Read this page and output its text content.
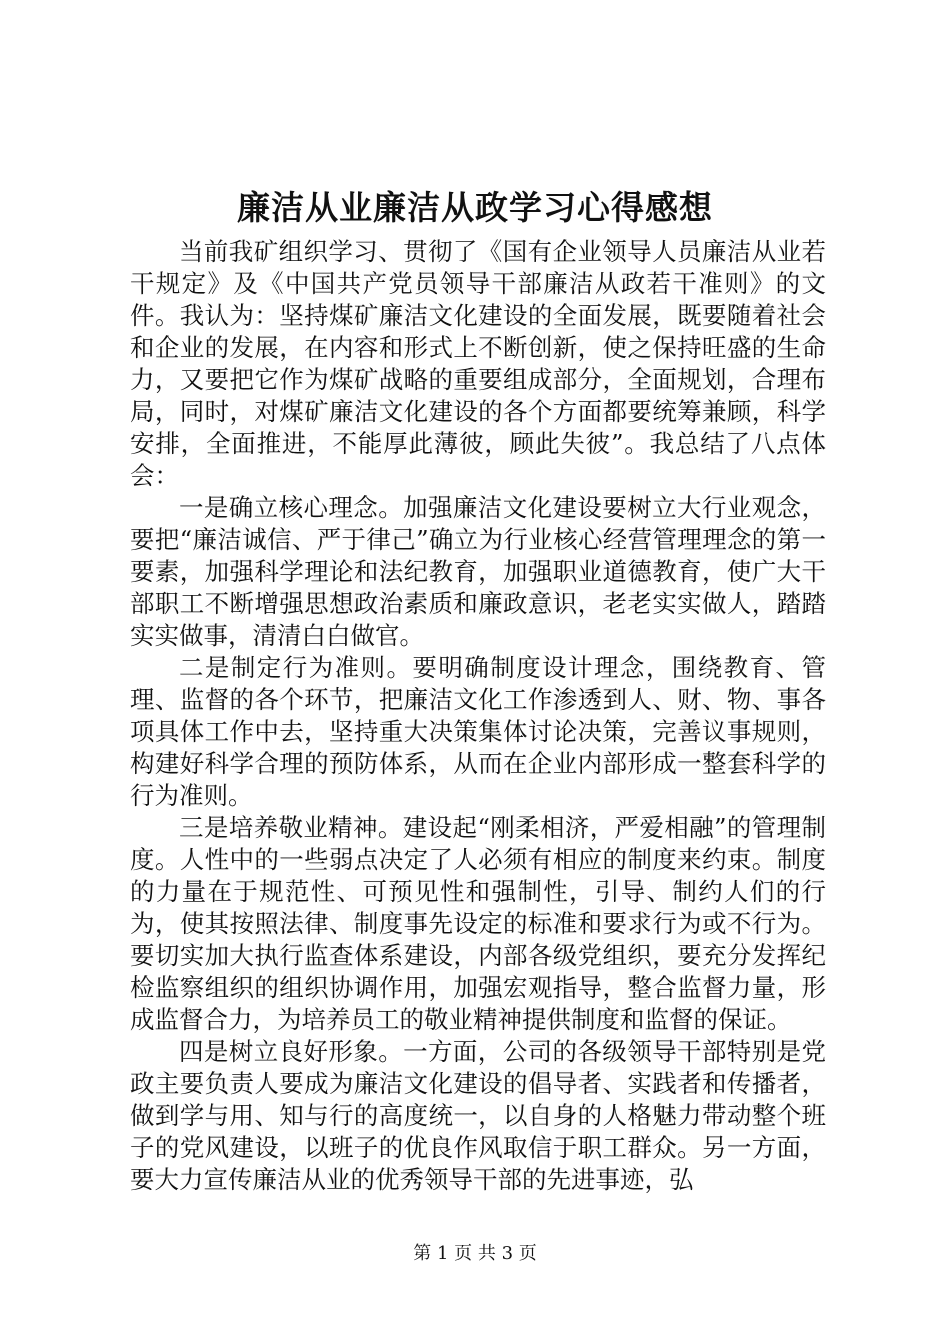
廉洁从业廉洁从政学习心得感想

当前我矿组织学习、贯彻了《国有企业领导人员廉洁从业若干规定》及《中国共产党员领导干部廉洁从政若干准则》的文件。我认为：坚持煤矿廉洁文化建设的全面发展，既要随着社会和企业的发展，在内容和形式上不断创新，使之保持旺盛的生命力，又要把它作为煤矿战略的重要组成部分，全面规划，合理布局，同时，对煤矿廉洁文化建设的各个方面都要统筹兼顾，科学安排，全面推进，不能厚此薄彼，顾此失彼”。我总结了八点体会：

一是确立核心理念。加强廉洁文化建设要树立大行业观念，要把“廉洁诚信、严于律己”确立为行业核心经营管理理念的第一要素，加强科学理论和法纪教育，加强职业道德教育，使广大干部职工不断增强思想政治素质和廉政意识，老老实实做人，踏踏实实做事，清清白白做官。

二是制定行为准则。要明确制度设计理念，围绕教育、管理、监督的各个环节，把廉洁文化工作渗透到人、财、物、事各项具体工作中去，坚持重大决策集体讨论决策，完善议事规则，构建好科学合理的预防体系，从而在企业内部形成一整套科学的行为准则。

三是培养敬业精神。建设起“刚柔相济，严爱相融”的管理制度。人性中的一些弱点决定了人必须有相应的制度来约束。制度的力量在于规范性、可预见性和强制性，引导、制约人们的行为，使其按照法律、制度事先设定的标准和要求行为或不行为。要切实加大执行监查体系建设，内部各级党组织，要充分发挥纪检监察组织的组织协调作用，加强宏观指导，整合监督力量，形成监督合力，为培养员工的敬业精神提供制度和监督的保证。

四是树立良好形象。一方面，公司的各级领导干部特别是党政主要负责人要成为廉洁文化建设的倡导者、实践者和传播者，做到学与用、知与行的高度统一，以自身的人格魅力带动整个班子的党风建设，以班子的优良作风取信于职工群众。另一方面，要大力宣传廉洁从业的优秀领导干部的先进事迹，弘

第 1 页 共 3 页
